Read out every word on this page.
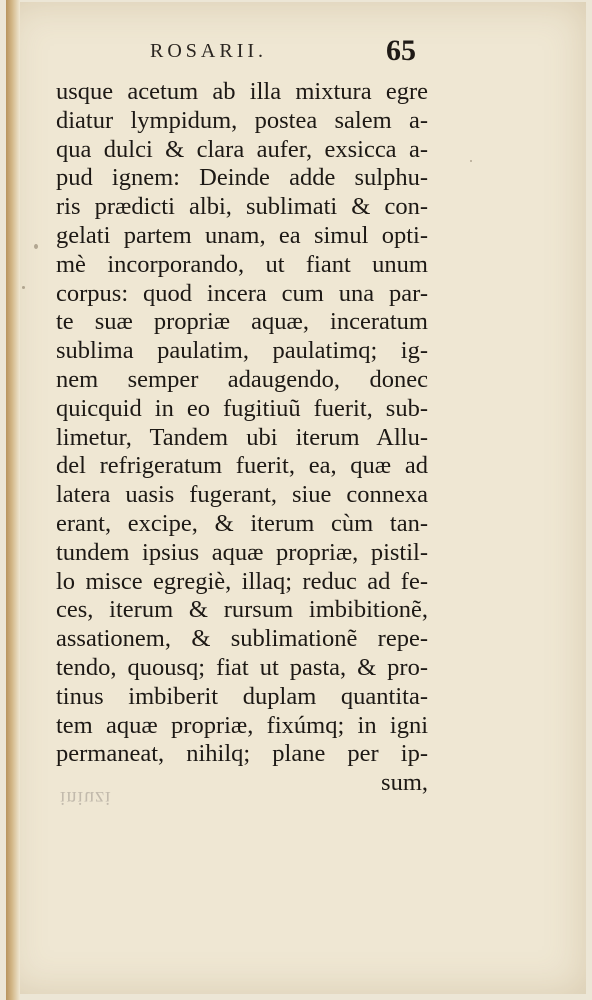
ROSARII.	65
usque acetum ab illa mixtura egre
diatur lympidum, postea salem a-
qua dulci & clara aufer, exsicca a-
pud ignem: Deinde adde sulphu-
ris prædicti albi, sublimati & con-
gelati partem unam, ea simul opti-
mè incorporando, ut fiant unum
corpus: quod incera cum una par-
te suæ propriæ aquæ, inceratum
sublima paulatim, paulatimq; ig-
nem semper adaugendo, donec
quicquid in eo fugitiuũ fuerit, sub-
limetur, Tandem ubi iterum Allu-
del refrigeratum fuerit, ea, quæ ad
latera uasis fugerant, siue connexa
erant, excipe, & iterum cùm tan-
tundem ipsius aquæ propriæ, pistil-
lo misce egregiè, illaq; reduc ad fe-
ces, iterum & rursum imbibitionẽ,
assationem, & sublimationẽ repe-
tendo, quousq; fiat ut pasta, & pro-
tinus imbiberit duplam quantita-
tem aquæ propriæ, fixúmq; in igni
permaneat, nihilq; plane per ip-
sum,
iniuzi
